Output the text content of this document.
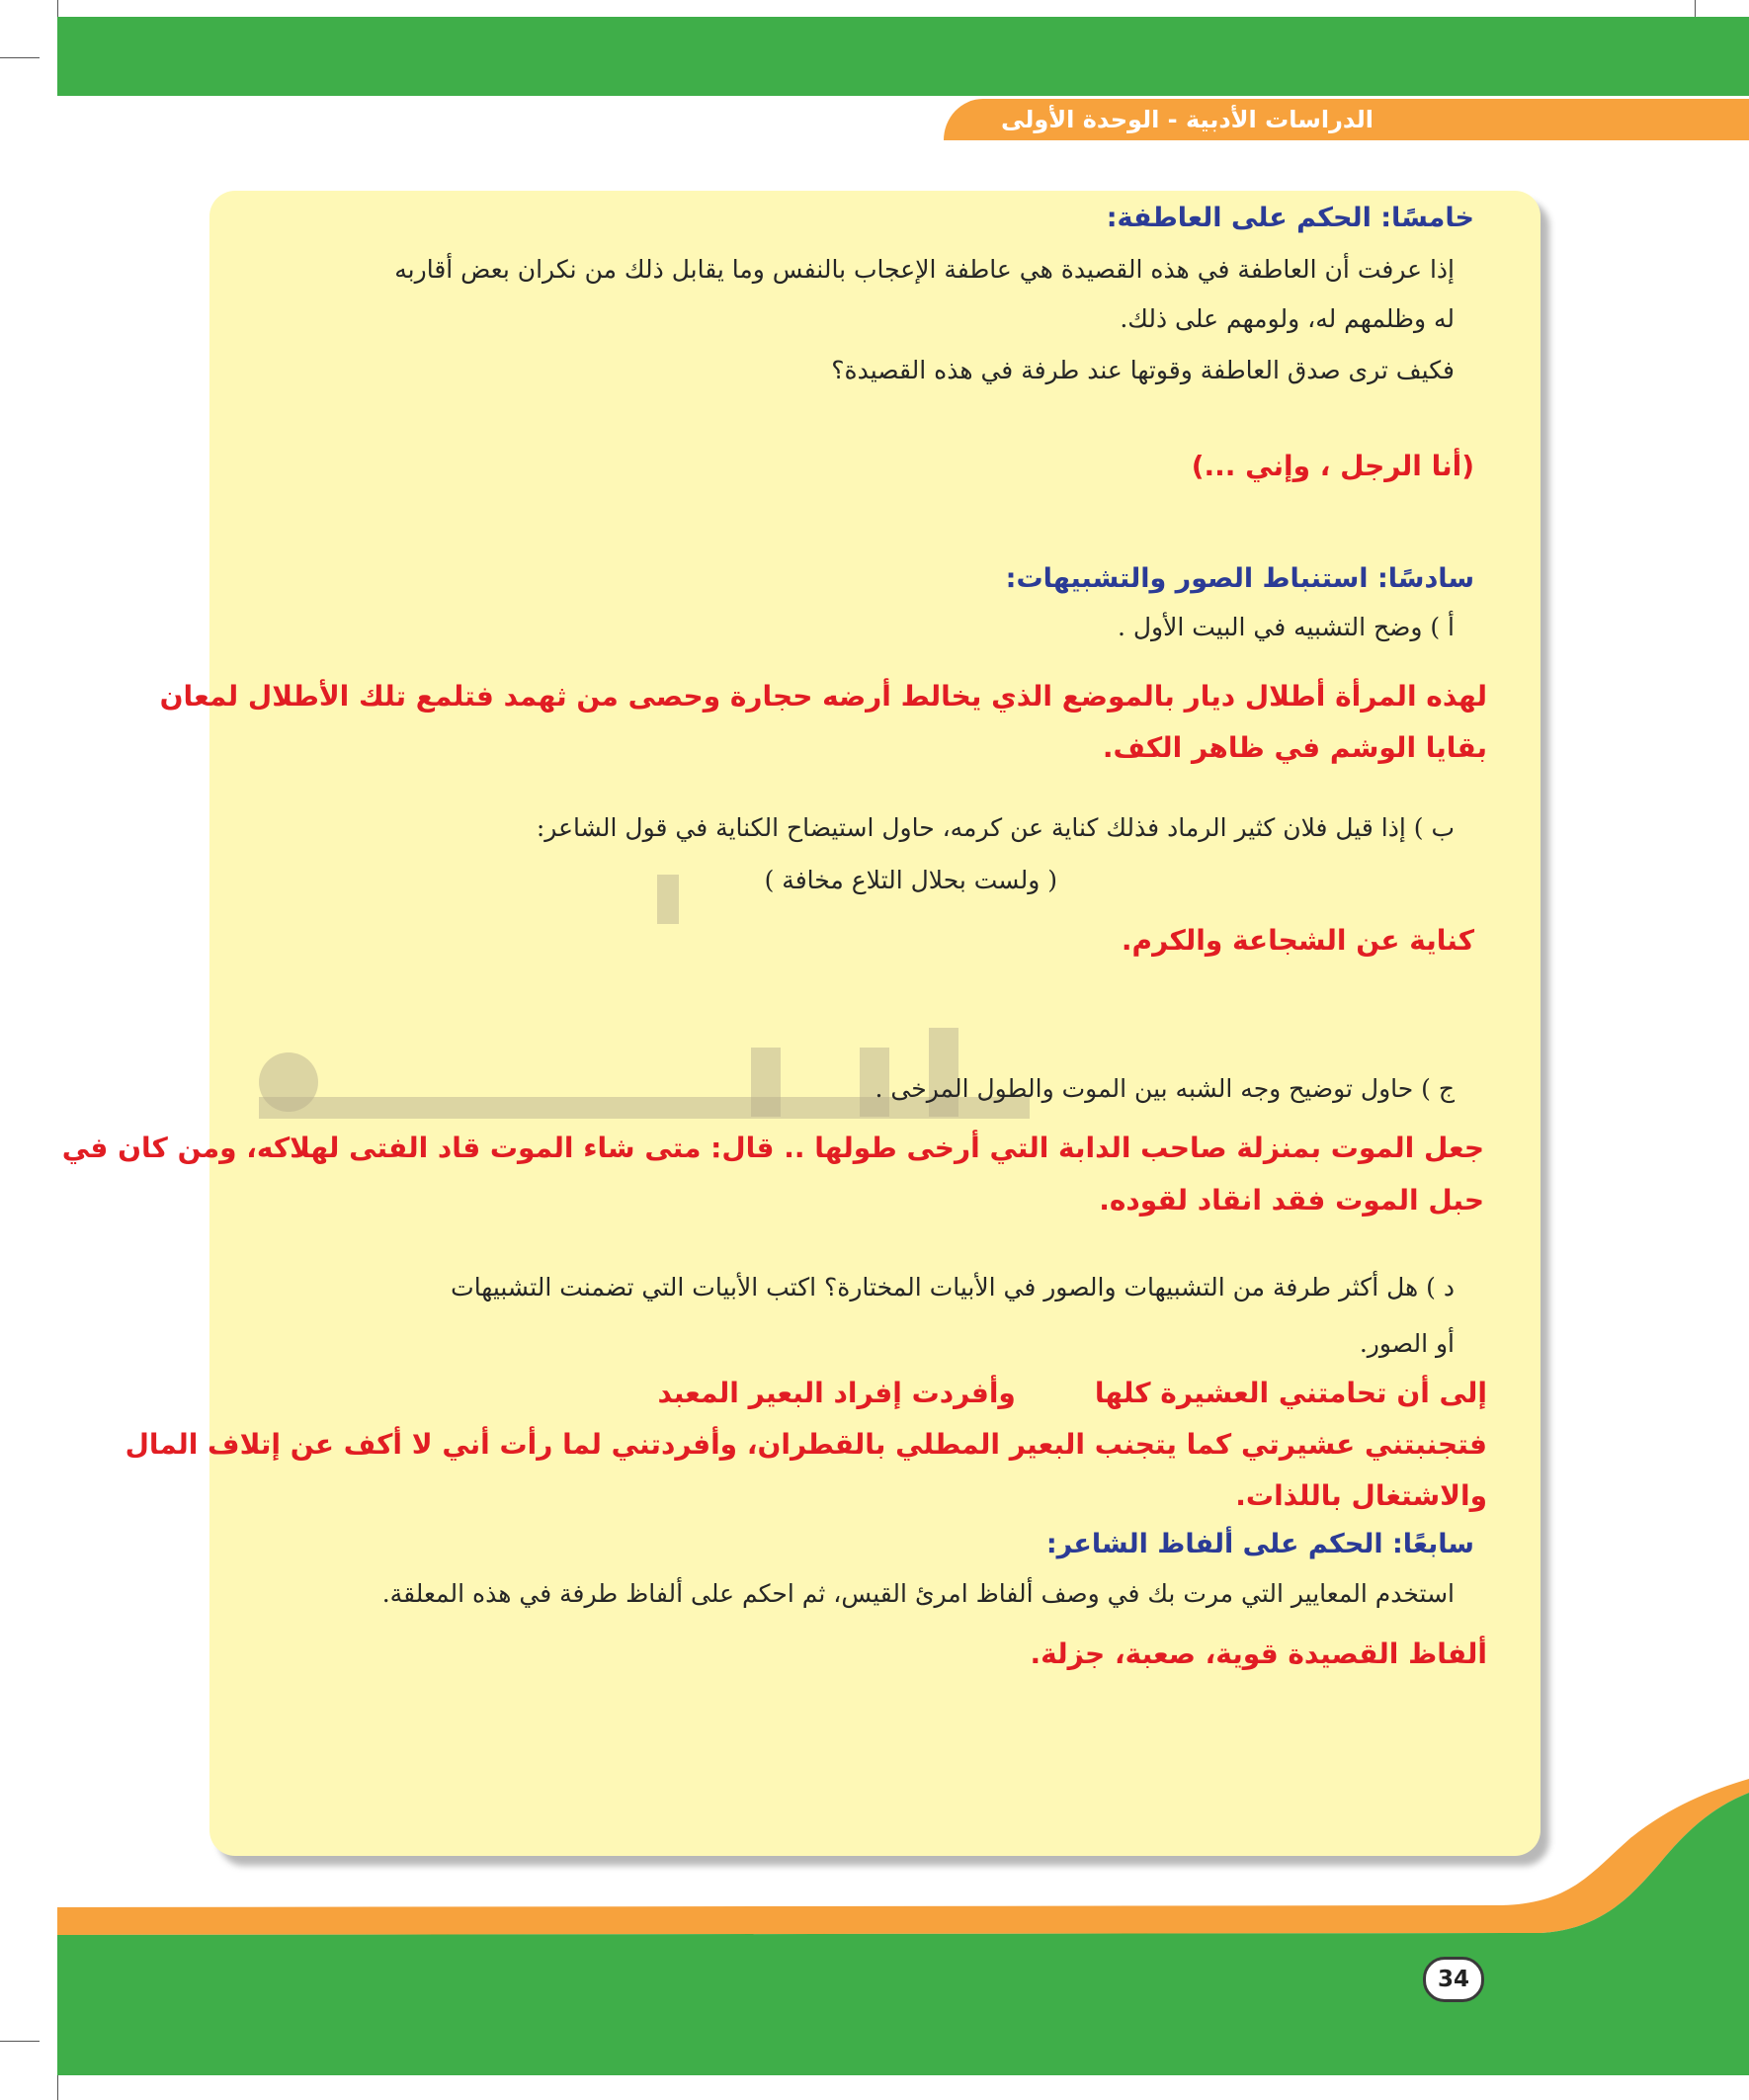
الدراسات الأدبية - الوحدة الأولى
خامسًا: الحكم على العاطفة:
إذا عرفت أن العاطفة في هذه القصيدة هي عاطفة الإعجاب بالنفس وما يقابل ذلك من نكران بعض أقاربه
له وظلمهم له، ولومهم على ذلك.
فكيف ترى صدق العاطفة وقوتها عند طرفة في هذه القصيدة؟
(أنا الرجل ، وإني ...)
سادسًا: استنباط الصور والتشبيهات:
أ ) وضح التشبيه في البيت الأول .
لهذه المرأة أطلال ديار بالموضع الذي يخالط أرضه حجارة وحصى من ثهمد فتلمع تلك الأطلال لمعان
بقايا الوشم في ظاهر الكف.
ب ) إذا قيل فلان كثير الرماد فذلك كناية عن كرمه، حاول استيضاح الكناية في قول الشاعر:
( ولست بحلال التلاع مخافة )
كناية عن الشجاعة والكرم.
ج ) حاول توضيح وجه الشبه بين الموت والطول المرخى .
جعل الموت بمنزلة صاحب الدابة التي أرخى طولها .. قال: متى شاء الموت قاد الفتى لهلاكه، ومن كان في
حبل الموت فقد انقاد لقوده.
د ) هل أكثر طرفة من التشبيهات والصور في الأبيات المختارة؟ اكتب الأبيات التي تضمنت التشبيهات
أو الصور.
إلى أن تحامتني العشيرة كلها
وأفردت إفراد البعير المعبد
فتجنبتني عشيرتي كما يتجنب البعير المطلي بالقطران، وأفردتني لما رأت أني لا أكف عن إتلاف المال
والاشتغال باللذات.
سابعًا: الحكم على ألفاظ الشاعر:
استخدم المعايير التي مرت بك في وصف ألفاظ امرئ القيس، ثم احكم على ألفاظ طرفة في هذه المعلقة.
ألفاظ القصيدة قوية، صعبة، جزلة.
34
